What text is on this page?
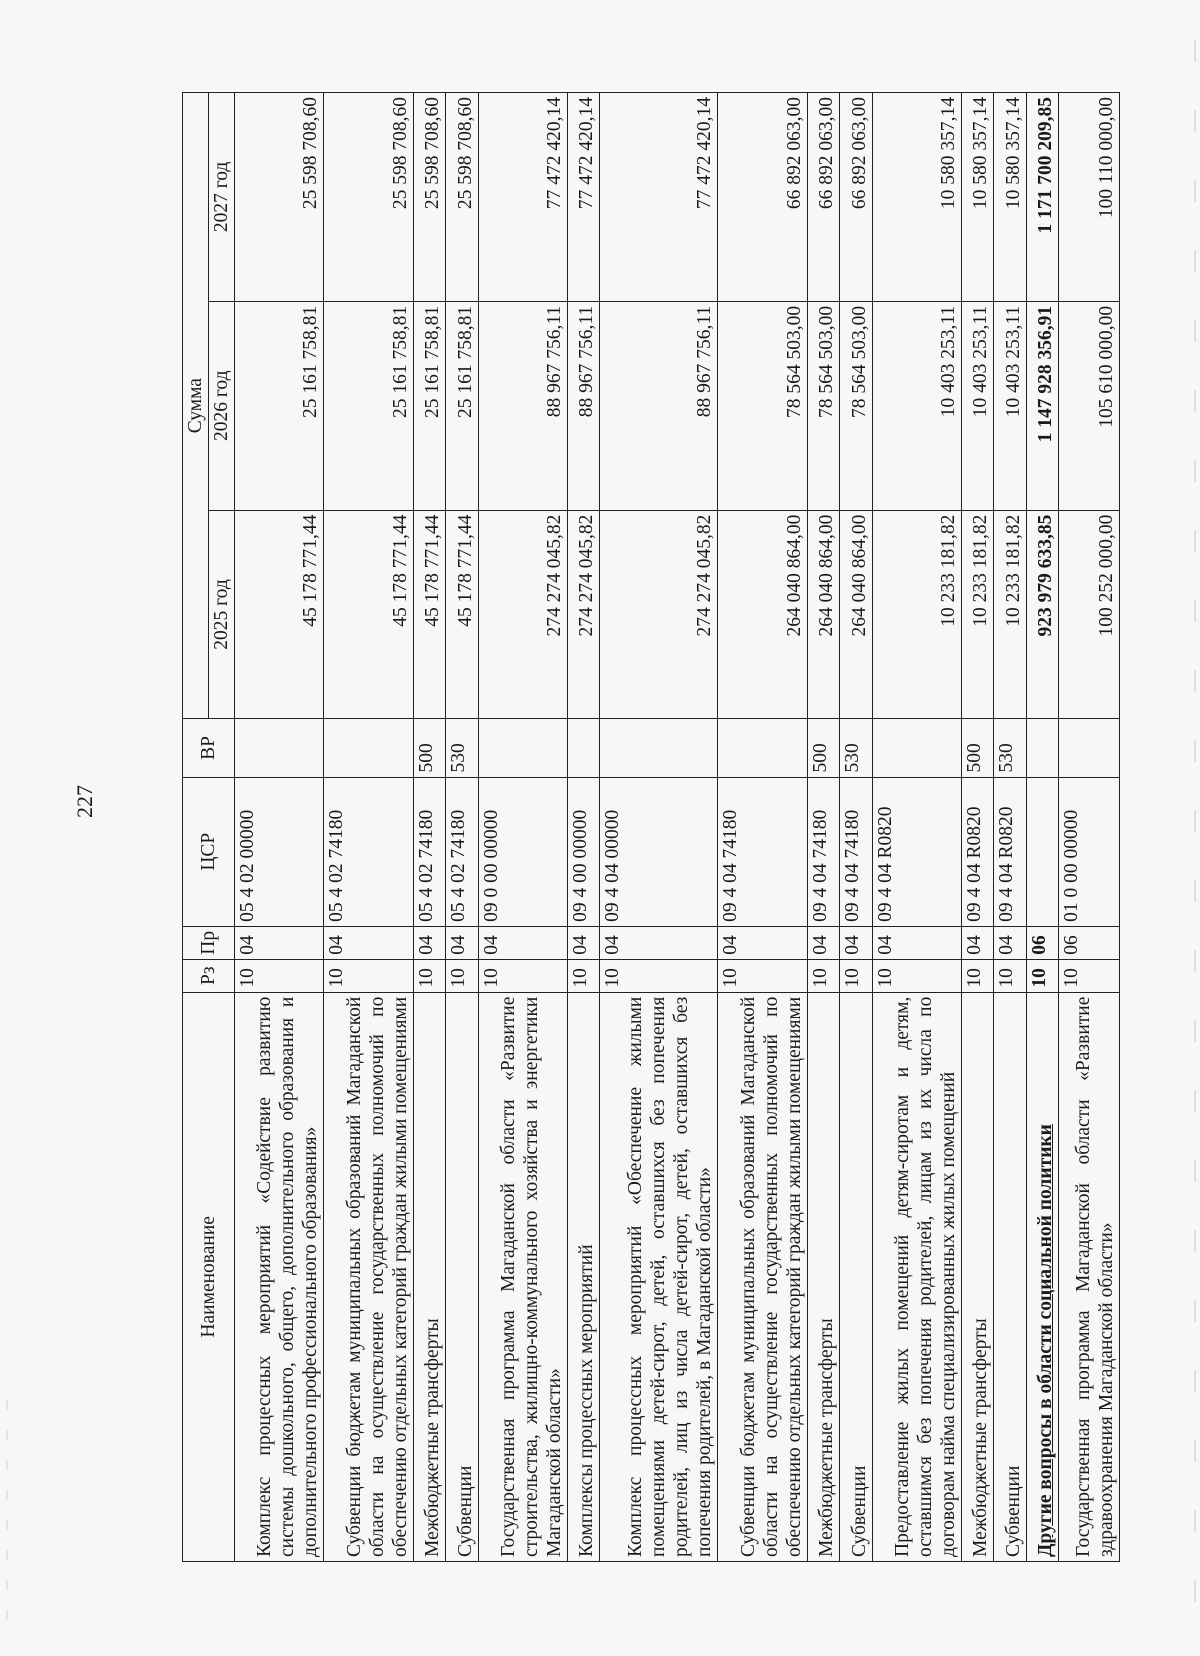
227
Наименование	Рз	Пр	ЦСР	ВР	Сумма		
					2025 год	2026 год	2027 год
Комплекс процессных мероприятий «Содействие развитию системы дошкольного, общего, дополнительного образования и дополнительного профессионального образования»	10	04	05 4 02 00000		45 178 771,44	25 161 758,81	25 598 708,60
Субвенции бюджетам муниципальных образований Магаданской области на осуществление государственных полномочий по обеспечению отдельных категорий граждан жилыми помещениями	10	04	05 4 02 74180		45 178 771,44	25 161 758,81	25 598 708,60
Межбюджетные трансферты	10	04	05 4 02 74180	500	45 178 771,44	25 161 758,81	25 598 708,60
Субвенции	10	04	05 4 02 74180	530	45 178 771,44	25 161 758,81	25 598 708,60
Государственная программа Магаданской области «Развитие строительства, жилищно-коммунального хозяйства и энергетики Магаданской области»	10	04	09 0 00 00000		274 274 045,82	88 967 756,11	77 472 420,14
Комплексы процессных мероприятий	10	04	09 4 00 00000		274 274 045,82	88 967 756,11	77 472 420,14
Комплекс процессных мероприятий «Обеспечение жилыми помещениями детей-сирот, детей, оставшихся без попечения родителей, лиц из числа детей-сирот, детей, оставшихся без попечения родителей, в Магаданской области»	10	04	09 4 04 00000		274 274 045,82	88 967 756,11	77 472 420,14
Субвенции бюджетам муниципальных образований Магаданской области на осуществление государственных полномочий по обеспечению отдельных категорий граждан жилыми помещениями	10	04	09 4 04 74180		264 040 864,00	78 564 503,00	66 892 063,00
Межбюджетные трансферты	10	04	09 4 04 74180	500	264 040 864,00	78 564 503,00	66 892 063,00
Субвенции	10	04	09 4 04 74180	530	264 040 864,00	78 564 503,00	66 892 063,00
Предоставление жилых помещений детям-сиротам и детям, оставшимся без попечения родителей, лицам из их числа по договорам найма специализированных жилых помещений	10	04	09 4 04 R0820		10 233 181,82	10 403 253,11	10 580 357,14
Межбюджетные трансферты	10	04	09 4 04 R0820	500	10 233 181,82	10 403 253,11	10 580 357,14
Субвенции	10	04	09 4 04 R0820	530	10 233 181,82	10 403 253,11	10 580 357,14
Другие вопросы в области социальной политики	10	06			923 979 633,85	1 147 928 356,91	1 171 700 209,85
Государственная программа Магаданской области «Развитие здравоохранения Магаданской области»	10	06	01 0 00 00000		100 252 000,00	105 610 000,00	100 110 000,00
